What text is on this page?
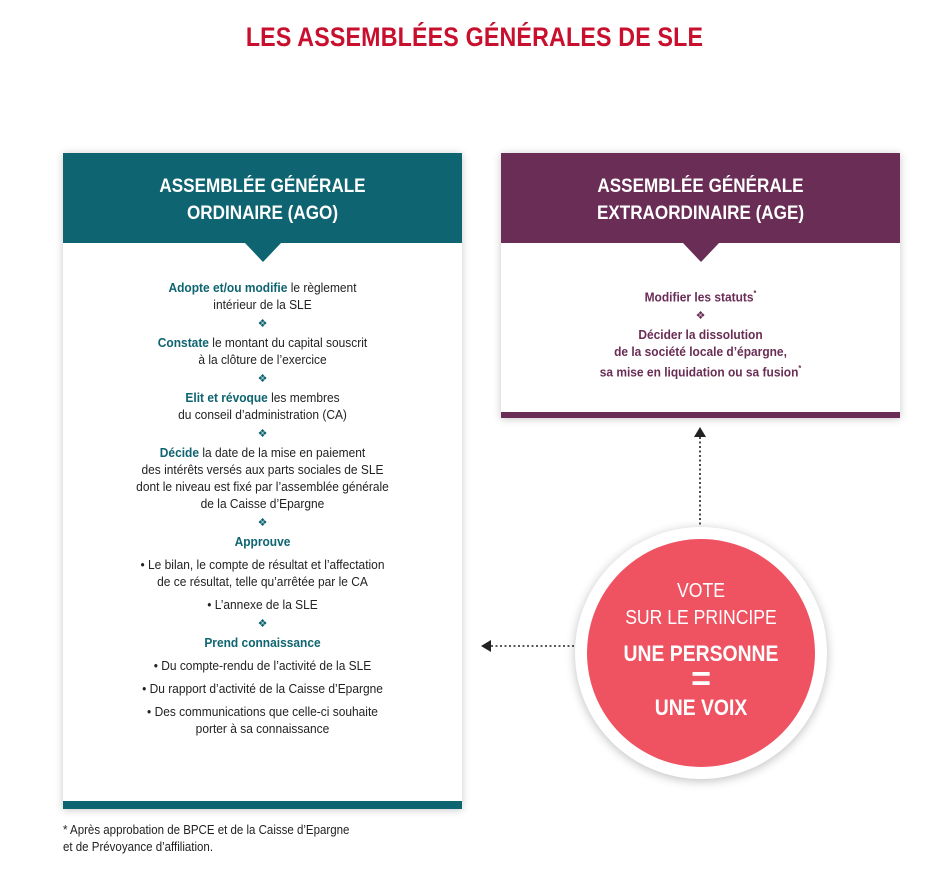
LES ASSEMBLÉES GÉNÉRALES DE SLE
ASSEMBLÉE GÉNÉRALE
ORDINAIRE (AGO)
Adopte et/ou modifie le règlement
intérieur de la SLE
❖
Constate le montant du capital souscrit
à la clôture de l’exercice
❖
Elit et révoque les membres
du conseil d’administration (CA)
❖
Décide la date de la mise en paiement
des intérêts versés aux parts sociales de SLE
dont le niveau est fixé par l’assemblée générale
de la Caisse d’Epargne
❖
Approuve
• Le bilan, le compte de résultat et l’affectation
de ce résultat, telle qu’arrêtée par le CA
• L’annexe de la SLE
❖
Prend connaissance
• Du compte-rendu de l’activité de la SLE
• Du rapport d’activité de la Caisse d’Epargne
• Des communications que celle-ci souhaite
porter à sa connaissance
ASSEMBLÉE GÉNÉRALE
EXTRAORDINAIRE (AGE)
Modifier les statuts*
❖
Décider la dissolution
de la société locale d’épargne,
sa mise en liquidation ou sa fusion*
VOTE
SUR LE PRINCIPE
UNE PERSONNE
=
UNE VOIX
* Après approbation de BPCE et de la Caisse d’Epargne
et de Prévoyance d’affiliation.
